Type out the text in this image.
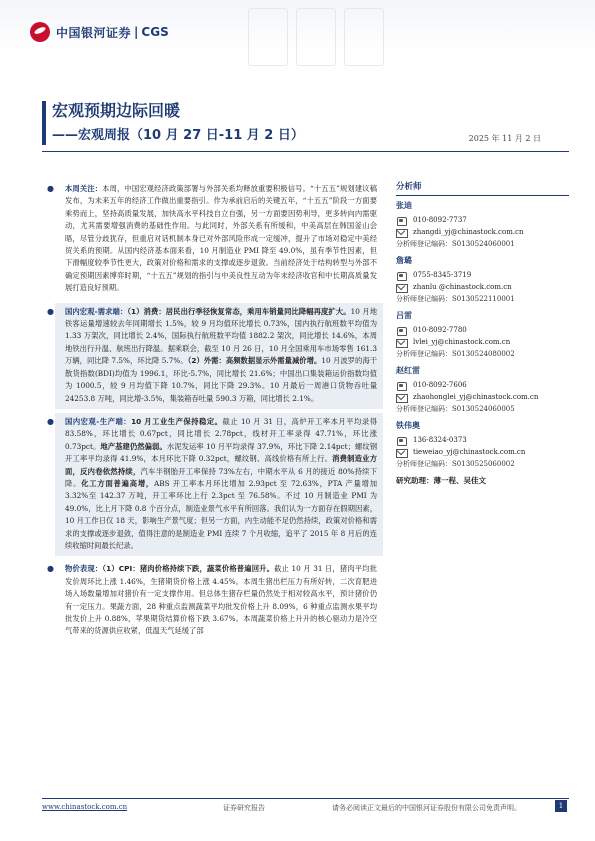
中国银河证券 | CGS
宏观预期边际回暖
——宏观周报（10 月 27 日-11 月 2 日）	2025 年 11 月 2 日
● 本周关注：本周，中国宏观经济政策部署与外部关系均释放重要积极信号。“十五五”规划建议稿发布，为未来五年的经济工作做出重要指引。作为承前启后的关键五年，“十五五”阶段一方面要乘势而上，坚持高质量发展，加快高水平科技自立自强，另一方面要因势利导，更多转向内需驱动，尤其需要增强消费的基础性作用。与此同时，外部关系有所缓和，中美高层在韩国釜山会晤，尽管分歧犹存，但重启对话机制本身已对外部风险形成一定缓冲，提升了市场对稳定中美经贸关系的预期。从国内经济基本面来看，10 月制造业 PMI 降至 49.0%，虽有季节性因素，但下滑幅度较季节性更大，政策对价格和需求的支撑或逐步退敛。当前经济处于结构转型与外部不确定预期因素博弈时期，“十五五”规划的指引与中美良性互动为年末经济收官和中长期高质量发展打造良好预期。
● 国内宏观-需求端：（1）消费：居民出行季径恢复常态，乘用车销量同比降幅再度扩大。10 月地铁客运量增速较去年同期增长 1.5%，较 9 月均值环比增长 0.73%，国内执行航班数平均值为 1.33 万架次，同比增长 2.4%，国际执行航班数平均值 1882.2 架次，同比增长 14.6%，本周地铁出行升温、航班出行降温。据乘联会，截至 10 月 26 日，10 月全国乘用车市场零售 161.3 万辆，同比降 7.5%，环比降 5.7%。（2）外需：高频数据显示外需量减价增。10 月波罗的海干散货指数(BDI)均值为 1996.1，环比-5.7%，同比增长 21.6%；中国出口集装箱运价指数均值为 1000.5，较 9 月均值下降 10.7%，同比下降 29.3%。10 月最后一周港口货物吞吐量 24253.8 万吨，同比增-3.5%，集装箱吞吐量 590.3 万箱，同比增长 2.1%。
● 国内宏观-生产端：10 月工业生产保持稳定。截止 10 月 31 日，高炉开工率本月平均录得 83.58%，环比增长 0.67pct，同比增长 2.78pct，线材开工率录得 47.71%，环比涨 0.73pct。地产基建仍然偏弱。水泥发运率 10 月平均录得 37.9%，环比下降 2.14pct；螺纹钢开工率平均录得 41.9%，本月环比下降 0.32pct，螺纹钢、高线价格有所上行。消费制造业方面，反内卷依然持续，汽车半钢胎开工率保持 73%左右，中期水平从 6 月的接近 80%持续下降。化工方面普遍高增，ABS 开工率本月环比增加 2.93pct 至 72.63%，PTA 产量增加 3.32%至 142.37 万吨，开工率环比上行 2.3pct 至 76.58%。不过 10 月制造业 PMI 为 49.0%，比上月下降 0.8 个百分点，制造业景气水平有所回落。我们认为一方面存在假期因素，10 月工作日仅 18 天，影响生产景气度；但另一方面，内生动能不足仍然持续，政策对价格和需求的支撑或逐步退敛，值得注意的是制造业 PMI 连续 7 个月收缩，追平了 2015 年 8 月后的连续收缩时间最长纪录。
● 物价表现：（1）CPI：猪肉价格持续下跌，蔬菜价格普遍回升。截止 10 月 31 日，猪肉平均批发价周环比上涨 1.46%，生猪期货价格上涨 4.45%。本周生猪出栏压力有所好转，二次育肥进场入场数量增加对猪价有一定支撑作用。但总体生猪存栏量仍然处于相对较高水平，预计猪价仍有一定压力。果蔬方面，28 种重点监测蔬菜平均批发价格上升 8.09%，6 种重点监测水果平均批发价上升 0.88%，苹果期货结算价格下跌 3.67%。本周蔬菜价格上升升的核心驱动力是冷空气带来的货源供应收紧，低温天气延缓了部
分析师
张迪
010-8092-7737
zhangdi_yj@chinastock.com.cn
分析师登记编码：S0130524060001
詹璐
0755-8345-3719
zhanlu @chinastock.com.cn
分析师登记编码：S0130522110001
吕雷
010-8092-7780
lvlei_yj@chinastock.com.cn
分析师登记编码：S0130524080002
赵红雷
010-8092-7606
zhaohonglei_yj@chinastock.com.cn
分析师登记编码：S0130524060005
铁伟奥
136-8324-0373
tieweiao_yj@chinastock.com.cn
分析师登记编码：S0130525060002
研究助理：薄一程、吴佳文
www.chinastock.com.cn	证券研究报告	请务必阅读正文最后的中国银河证券股份有限公司免责声明。	1
